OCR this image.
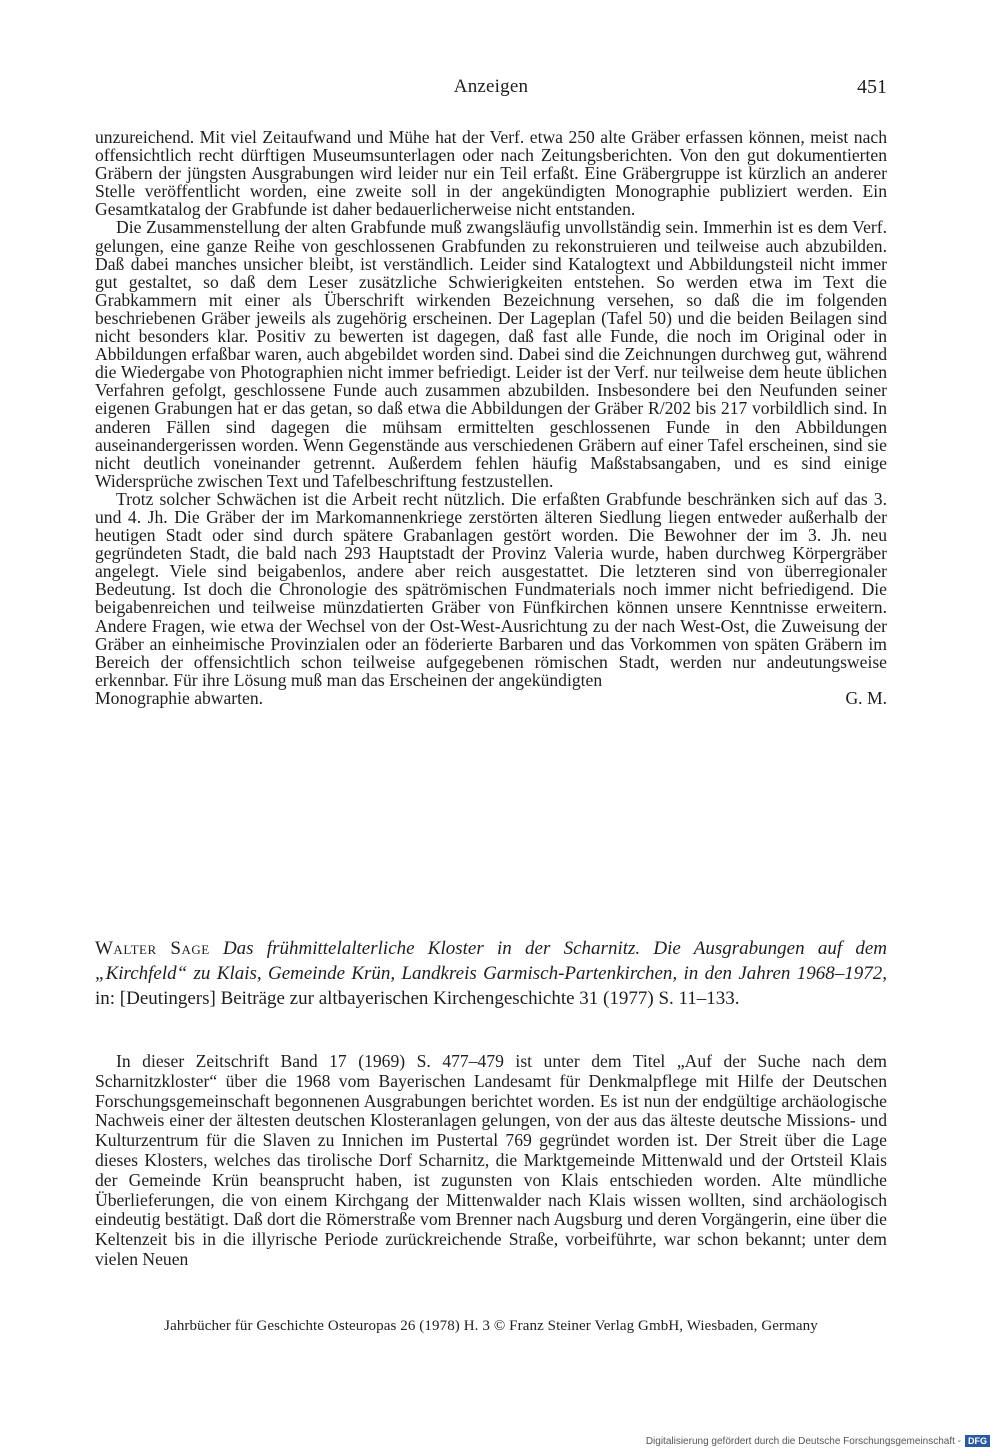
Anzeigen	451

unzureichend. Mit viel Zeitaufwand und Mühe hat der Verf. etwa 250 alte Gräber erfassen können, meist nach offensichtlich recht dürftigen Museumsunterlagen oder nach Zeitungsberichten. Von den gut dokumentierten Gräbern der jüngsten Ausgrabungen wird leider nur ein Teil erfaßt. Eine Gräbergruppe ist kürzlich an anderer Stelle veröffentlicht worden, eine zweite soll in der angekündigten Monographie publiziert werden. Ein Gesamtkatalog der Grabfunde ist daher bedauerlicherweise nicht entstanden.

Die Zusammenstellung der alten Grabfunde muß zwangsläufig unvollständig sein. Immerhin ist es dem Verf. gelungen, eine ganze Reihe von geschlossenen Grabfunden zu rekonstruieren und teilweise auch abzubilden. Daß dabei manches unsicher bleibt, ist verständlich. Leider sind Katalogtext und Abbildungsteil nicht immer gut gestaltet, so daß dem Leser zusätzliche Schwierigkeiten entstehen. So werden etwa im Text die Grabkammern mit einer als Überschrift wirkenden Bezeichnung versehen, so daß die im folgenden beschriebenen Gräber jeweils als zugehörig erscheinen. Der Lageplan (Tafel 50) und die beiden Beilagen sind nicht besonders klar. Positiv zu bewerten ist dagegen, daß fast alle Funde, die noch im Original oder in Abbildungen erfaßbar waren, auch abgebildet worden sind. Dabei sind die Zeichnungen durchweg gut, während die Wiedergabe von Photographien nicht immer befriedigt. Leider ist der Verf. nur teilweise dem heute üblichen Verfahren gefolgt, geschlossene Funde auch zusammen abzubilden. Insbesondere bei den Neufunden seiner eigenen Grabungen hat er das getan, so daß etwa die Abbildungen der Gräber R/202 bis 217 vorbildlich sind. In anderen Fällen sind dagegen die mühsam ermittelten geschlossenen Funde in den Abbildungen auseinandergerissen worden. Wenn Gegenstände aus verschiedenen Gräbern auf einer Tafel erscheinen, sind sie nicht deutlich voneinander getrennt. Außerdem fehlen häufig Maßstabsangaben, und es sind einige Widersprüche zwischen Text und Tafelbeschriftung festzustellen.

Trotz solcher Schwächen ist die Arbeit recht nützlich. Die erfaßten Grabfunde beschränken sich auf das 3. und 4. Jh. Die Gräber der im Markomannenkriege zerstörten älteren Siedlung liegen entweder außerhalb der heutigen Stadt oder sind durch spätere Grabanlagen gestört worden. Die Bewohner der im 3. Jh. neu gegründeten Stadt, die bald nach 293 Hauptstadt der Provinz Valeria wurde, haben durchweg Körpergräber angelegt. Viele sind beigabenlos, andere aber reich ausgestattet. Die letzteren sind von überregionaler Bedeutung. Ist doch die Chronologie des spätrömischen Fundmaterials noch immer nicht befriedigend. Die beigabenreichen und teilweise münzdatierten Gräber von Fünfkirchen können unsere Kenntnisse erweitern. Andere Fragen, wie etwa der Wechsel von der Ost-West-Ausrichtung zu der nach West-Ost, die Zuweisung der Gräber an einheimische Provinzialen oder an föderierte Barbaren und das Vorkommen von späten Gräbern im Bereich der offensichtlich schon teilweise aufgegebenen römischen Stadt, werden nur andeutungsweise erkennbar. Für ihre Lösung muß man das Erscheinen der angekündigten

Monographie abwarten.	G. M.
Walter Sage Das frühmittelalterliche Kloster in der Scharnitz. Die Ausgrabungen auf dem „Kirchfeld“ zu Klais, Gemeinde Krün, Landkreis Garmisch-Partenkirchen, in den Jahren 1968–1972, in: [Deutingers] Beiträge zur altbayerischen Kirchengeschichte 31 (1977) S. 11–133.

In dieser Zeitschrift Band 17 (1969) S. 477–479 ist unter dem Titel „Auf der Suche nach dem Scharnitzkloster“ über die 1968 vom Bayerischen Landesamt für Denkmalpflege mit Hilfe der Deutschen Forschungsgemeinschaft begonnenen Ausgrabungen berichtet worden. Es ist nun der endgültige archäologische Nachweis einer der ältesten deutschen Klosteranlagen gelungen, von der aus das älteste deutsche Missions- und Kulturzentrum für die Slaven zu Innichen im Pustertal 769 gegründet worden ist. Der Streit über die Lage dieses Klosters, welches das tirolische Dorf Scharnitz, die Marktgemeinde Mittenwald und der Ortsteil Klais der Gemeinde Krün beansprucht haben, ist zugunsten von Klais entschieden worden. Alte mündliche Überlieferungen, die von einem Kirchgang der Mittenwalder nach Klais wissen wollten, sind archäologisch eindeutig bestätigt. Daß dort die Römerstraße vom Brenner nach Augsburg und deren Vorgängerin, eine über die Keltenzeit bis in die illyrische Periode zurückreichende Straße, vorbeiführte, war schon bekannt; unter dem vielen Neuen

Jahrbücher für Geschichte Osteuropas 26 (1978) H. 3 © Franz Steiner Verlag GmbH, Wiesbaden, Germany
Digitalisierung gefördert durch die Deutsche Forschungsgemeinschaft - DFG
